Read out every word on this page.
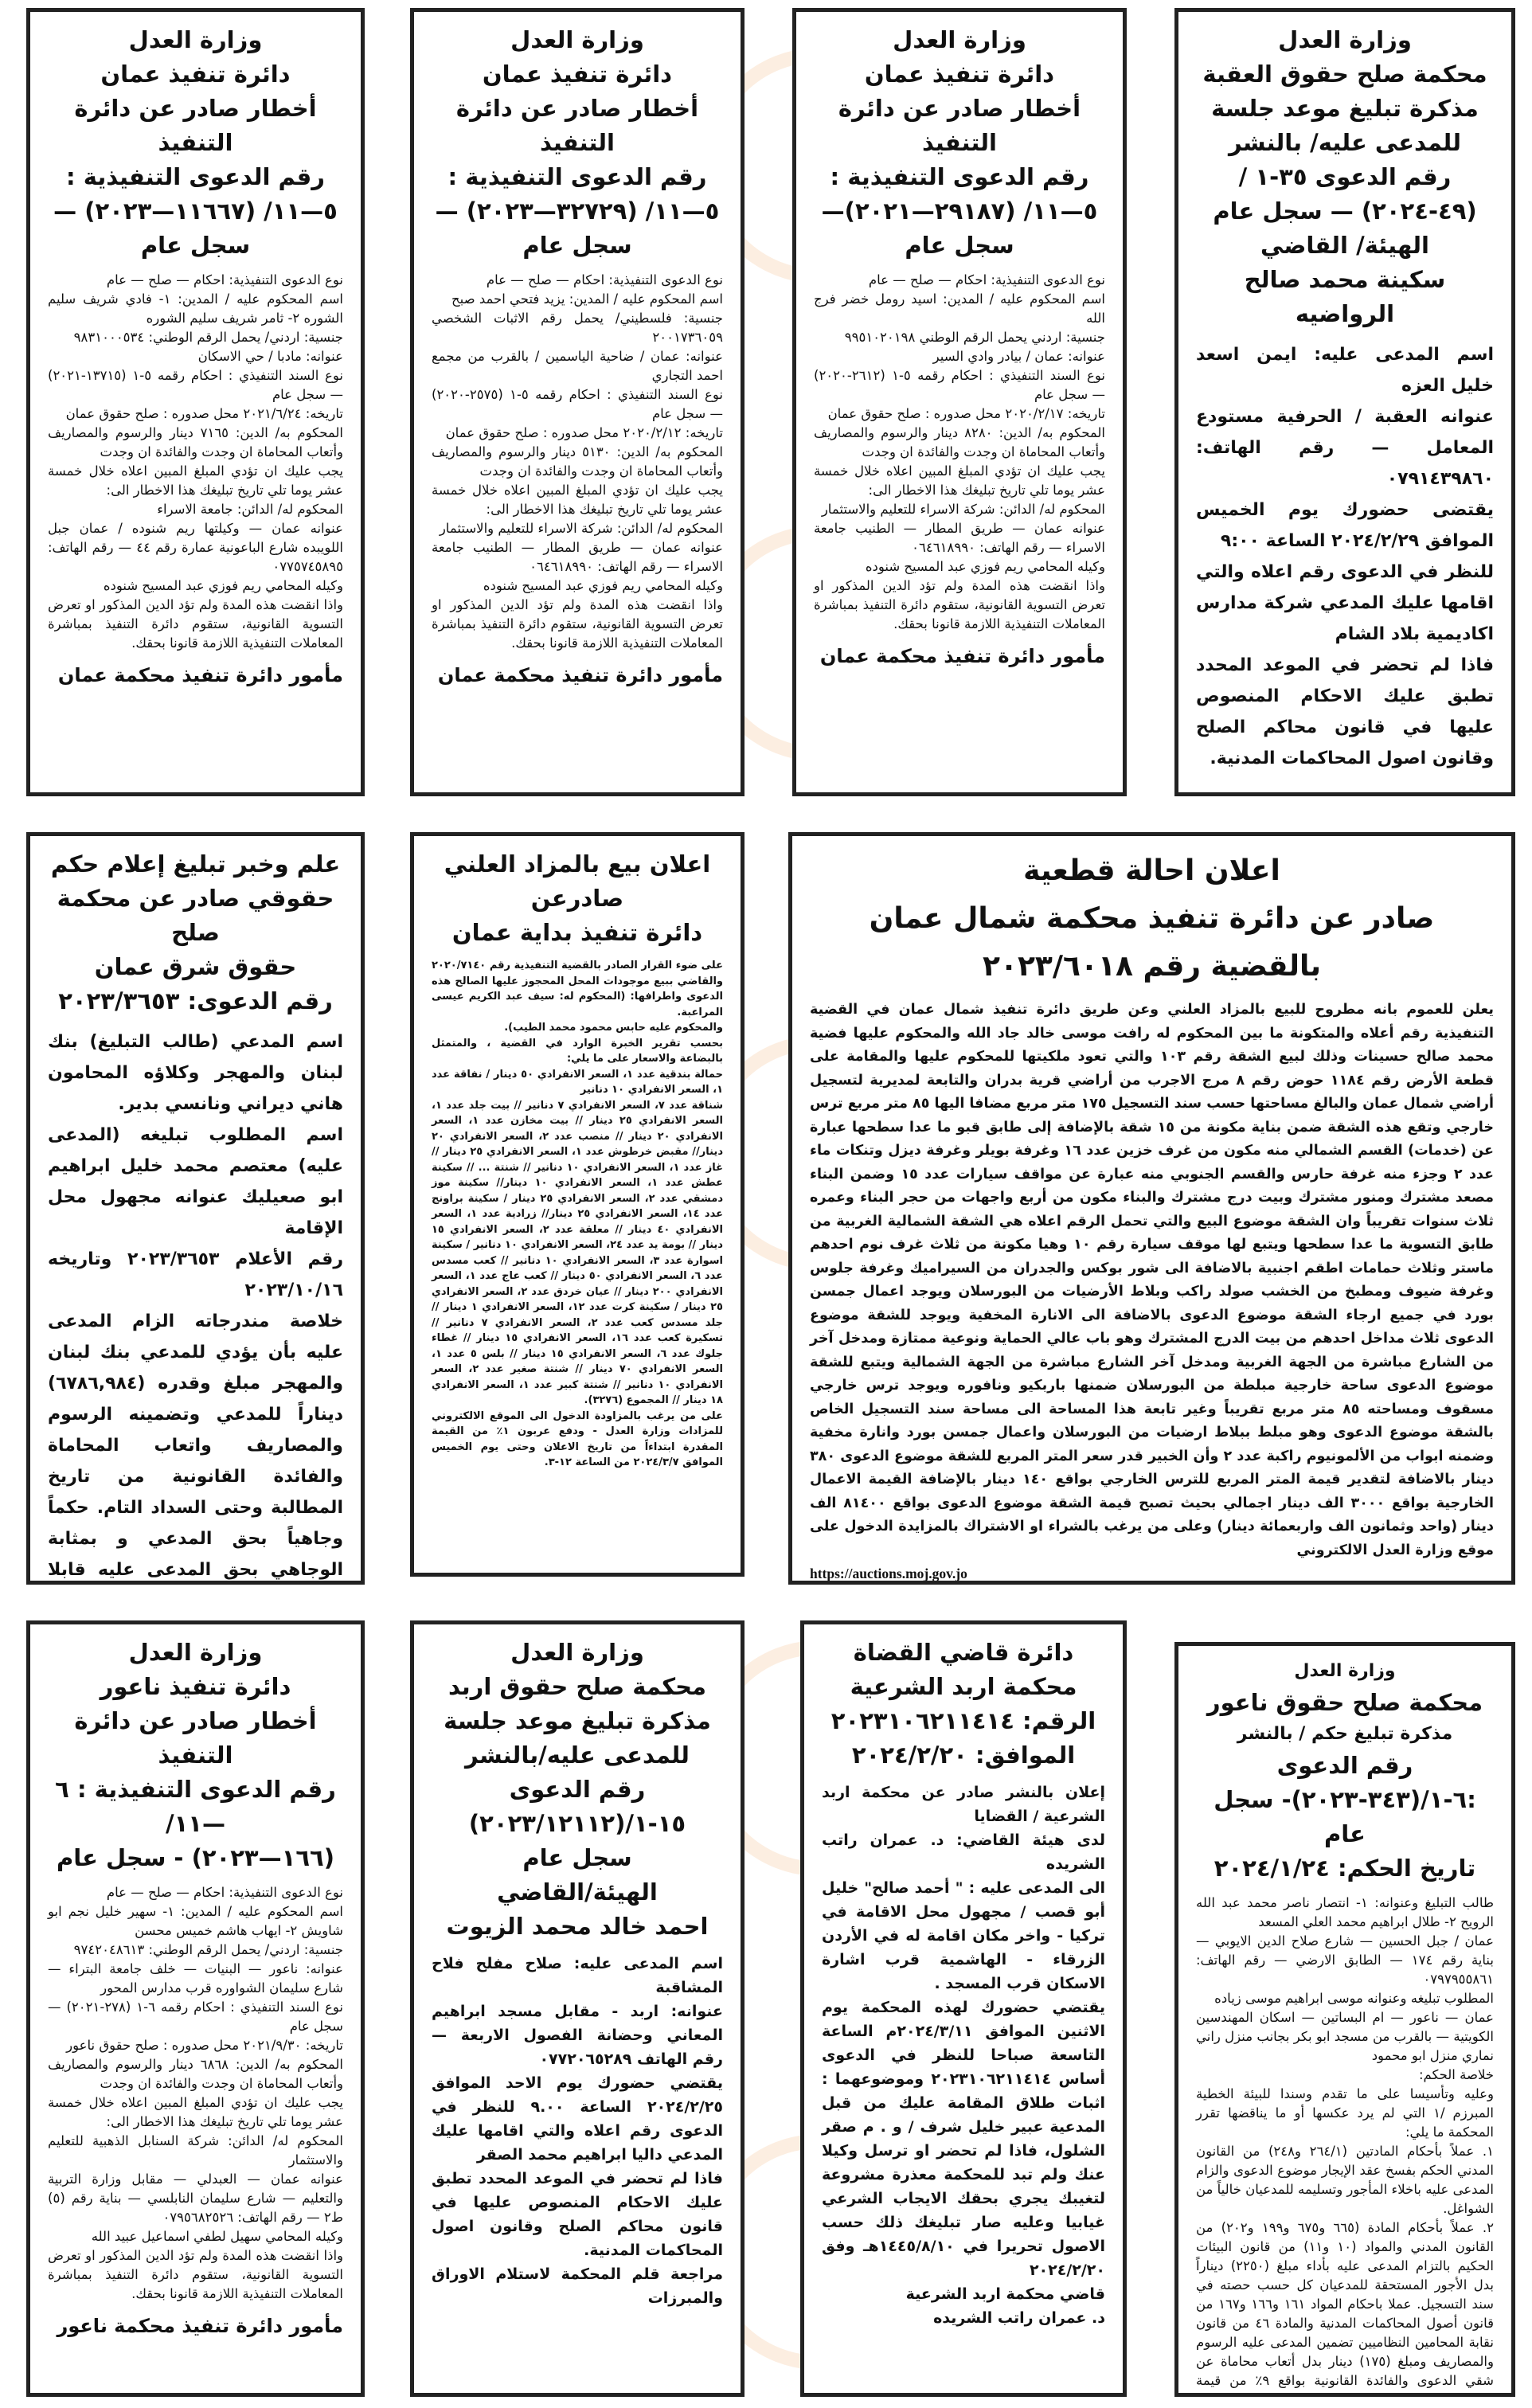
وزارة العدل
محكمة صلح حقوق العقبة
مذكرة تبليغ موعد جلسة
للمدعى عليه/ بالنشر
رقم الدعوى ٣٥-١ /
(٤٩-٢٠٢٤) — سجل عام
الهيئة/ القاضي
سكينة محمد صالح الرواضيه

اسم المدعى عليه: ايمن اسعد خليل العزه

عنوانه العقبة / الحرفية مستودع المعامل — رقم الهاتف: ٠٧٩١٤٣٩٨٦٠

يقتضى حضورك يوم الخميس الموافق ٢٠٢٤/٢/٢٩ الساعة ٩:٠٠

للنظر في الدعوى رقم اعلاه والتي اقامها عليك المدعي شركة مدارس اكاديمية بلاد الشام

فاذا لم تحضر في الموعد المحدد تطبق عليك الاحكام المنصوص عليها في قانون محاكم الصلح وقانون اصول المحاكمات المدنية.

وزارة العدل
دائرة تنفيذ عمان
أخطار صادر عن دائرة التنفيذ
رقم الدعوى التنفيذية :
٥—١١/ (٢٩١٨٧—٢٠٢١)—
سجل عام

نوع الدعوى التنفيذية: احكام — صلح — عام

اسم المحكوم عليه / المدين: اسيد رومل خضر فرج الله

جنسية: اردني يحمل الرقم الوطني ٩٩٥١٠٢٠١٩٨

عنوانه: عمان / بيادر وادي السير

نوع السند التنفيذي : احكام رقمه ٥-١ (٢٦١٢-٢٠٢٠) — سجل عام

تاريخه: ٢٠٢٠/٢/١٧ محل صدوره : صلح حقوق عمان

المحكوم به/ الدين: ٨٢٨٠ دينار والرسوم والمصاريف وأتعاب المحاماة ان وجدت والفائدة ان وجدت

يجب عليك ان تؤدي المبلغ المبين اعلاه خلال خمسة عشر يوما تلي تاريخ تبليغك هذا الاخطار الى:

المحكوم له/ الدائن: شركة الاسراء للتعليم والاستثمار

عنوانه عمان — طريق المطار — الطنيب جامعة الاسراء — رقم الهاتف: ٠٦٤٦١٨٩٩٠

وكيله المحامي ريم فوزي عبد المسيح شنوده

واذا انقضت هذه المدة ولم تؤد الدين المذكور او تعرض التسوية القانونية، ستقوم دائرة التنفيذ بمباشرة المعاملات التنفيذية اللازمة قانونا بحقك.

مأمور دائرة تنفيذ محكمة عمان
وزارة العدل
دائرة تنفيذ عمان
أخطار صادر عن دائرة التنفيذ
رقم الدعوى التنفيذية :
٥—١١/ (٣٢٧٢٩—٢٠٢٣) —
سجل عام

نوع الدعوى التنفيذية: احكام — صلح — عام

اسم المحكوم عليه / المدين: يزيد فتحي احمد صبح

جنسية: فلسطيني/ يحمل رقم الاثبات الشخصي ٢٠٠١٧٣٦٠٥٩

عنوانه: عمان / ضاحية الياسمين / بالقرب من مجمع احمد التجاري

نوع السند التنفيذي : احكام رقمه ٥-١ (٢٥٧٥-٢٠٢٠) — سجل عام

تاريخه: ٢٠٢٠/٢/١٢ محل صدوره : صلح حقوق عمان

المحكوم به/ الدين: ٥١٣٠ دينار والرسوم والمصاريف وأتعاب المحاماة ان وجدت والفائدة ان وجدت

يجب عليك ان تؤدي المبلغ المبين اعلاه خلال خمسة عشر يوما تلي تاريخ تبليغك هذا الاخطار الى:

المحكوم له/ الدائن: شركة الاسراء للتعليم والاستثمار

عنوانه عمان — طريق المطار — الطنيب جامعة الاسراء — رقم الهاتف: ٠٦٤٦١٨٩٩٠

وكيله المحامي ريم فوزي عبد المسيح شنوده

واذا انقضت هذه المدة ولم تؤد الدين المذكور او تعرض التسوية القانونية، ستقوم دائرة التنفيذ بمباشرة المعاملات التنفيذية اللازمة قانونا بحقك.

مأمور دائرة تنفيذ محكمة عمان
وزارة العدل
دائرة تنفيذ عمان
أخطار صادر عن دائرة التنفيذ
رقم الدعوى التنفيذية :
٥—١١/ (١١٦٦٧—٢٠٢٣) —
سجل عام

نوع الدعوى التنفيذية: احكام — صلح — عام

اسم المحكوم عليه / المدين: ١- فادي شريف سليم الشوره ٢- ثامر شريف سليم الشوره

جنسية: اردني/ يحمل الرقم الوطني: ٩٨٣١٠٠٠٥٣٤

عنوانه: مادبا / حي الاسكان

نوع السند التنفيذي : احكام رقمه ٥-١ (١٣٧١٥-٢٠٢١) — سجل عام

تاريخه: ٢٠٢١/٦/٢٤ محل صدوره : صلح حقوق عمان

المحكوم به/ الدين: ٧١٦٥ دينار والرسوم والمصاريف وأتعاب المحاماة ان وجدت والفائدة ان وجدت

يجب عليك ان تؤدي المبلغ المبين اعلاه خلال خمسة عشر يوما تلي تاريخ تبليغك هذا الاخطار الى:

المحكوم له/ الدائن: جامعة الاسراء

عنوانه عمان — وكيلتها ريم شنوده / عمان جبل اللويبده شارع الباعونية عمارة رقم ٤٤ — رقم الهاتف: ٠٧٧٥٧٤٥٨٩٥

وكيله المحامي ريم فوزي عبد المسيح شنوده

واذا انقضت هذه المدة ولم تؤد الدين المذكور او تعرض التسوية القانونية، ستقوم دائرة التنفيذ بمباشرة المعاملات التنفيذية اللازمة قانونا بحقك.

مأمور دائرة تنفيذ محكمة عمان
اعلان احالة قطعية
صادر عن دائرة تنفيذ محكمة شمال عمان بالقضية رقم ٢٠٢٣/٦٠١٨

يعلن للعموم بانه مطروح للبيع بالمزاد العلني وعن طريق دائرة تنفيذ شمال عمان في القضية التنفيذية رقم أعلاه والمتكونة ما بين المحكوم له رافت موسى خالد جاد الله والمحكوم عليها فضية محمد صالح حسينات وذلك لبيع الشقة رقم ١٠٣ والتي تعود ملكيتها للمحكوم عليها والمقامة على قطعة الأرض رقم ١١٨٤ حوض رقم ٨ مرج الاجرب من أراضي قرية بدران والتابعة لمديرية لتسجيل أراضي شمال عمان والبالغ مساحتها حسب سند التسجيل ١٧٥ متر مربع مضافا اليها ٨٥ متر مربع ترس خارجي وتقع هذه الشقة ضمن بناية مكونة من ١٥ شقة بالإضافة إلى طابق قبو ما عدا سطحها عبارة عن (خدمات) القسم الشمالي منه مكون من غرف خزين عدد ١٦ وغرفة بويلر وغرفة ديزل وتنكات ماء عدد ٢ وجزء منه غرفة حارس والقسم الجنوبي منه عبارة عن مواقف سيارات عدد ١٥ وضمن البناء مصعد مشترك ومنور مشترك وبيت درج مشترك والبناء مكون من أربع واجهات من حجر البناء وعمره ثلاث سنوات تقريباً وان الشقة موضوع البيع والتي تحمل الرقم اعلاه هي الشقة الشمالية الغربية من طابق التسوية ما عدا سطحها ويتبع لها موقف سيارة رقم ١٠ وهيا مكونة من ثلاث غرف نوم احدهم ماستر وثلاث حمامات اطقم اجنبية بالاضافة الى شور بوكس والجدران من السيراميك وغرفة جلوس وغرفة ضيوف ومطبخ من الخشب صولد راكب وبلاط الأرضيات من البورسلان ويوجد اعمال جمسن بورد في جميع ارجاء الشقة موضوع الدعوى بالاضافة الى الانارة المخفية ويوجد للشقة موضوع الدعوى ثلاث مداخل احدهم من بيت الدرج المشترك وهو باب عالي الحماية ونوعية ممتازة ومدخل آخر من الشارع مباشرة من الجهة الغربية ومدخل آخر الشارع مباشرة من الجهة الشمالية ويتبع للشقة موضوع الدعوى ساحة خارجية مبلطة من البورسلان ضمنها باربكيو ونافوره ويوجد ترس خارجي مسقوف ومساحته ٨٥ متر مربع تقريباً وغير تابعة هذا المساحة الى مساحة سند التسجيل الخاص بالشقة موضوع الدعوى وهو مبلط ببلاط ارضيات من البورسلان واعمال جمسن بورد وانارة مخفية وضمنه ابواب من الألمونيوم راكبة عدد ٢ وأن الخبير قدر سعر المتر المربع للشقة موضوع الدعوى ٣٨٠ دينار بالاضافة لتقدير قيمة المتر المربع للترس الخارجي بواقع ١٤٠ دينار بالإضافة القيمة الاعمال الخارجية بواقع ٣٠٠٠ الف دينار اجمالي بحيث تصبح قيمة الشقة موضوع الدعوى بواقع ٨١٤٠٠ الف دينار (واحد وثمانون الف واربعمائة دينار) وعلى من يرغب بالشراء او الاشتراك بالمزايدة الدخول على موقع وزارة العدل الالكتروني

https://auctions.moj.gov.jo

اعلان بيع بالمزاد العلني صادرعن
دائرة تنفيذ بداية عمان

على ضوء القرار الصادر بالقضية التنفيذية رقم ٢٠٢٠/٧١٤٠ والقاضي ببيع موجودات المحل المحجوز عليها الصالح هذه الدعوى واطرافها: (المحكوم له: سيف عبد الكريم عيسى المراعبة.

والمحكوم عليه حابس محمود محمد الطيب).

بحسب تقرير الخبرة الوارد في القضية ، والمتمثل بالبضاعة والاسعار على ما يلي:

حمالة بندقية عدد ١، السعر الانفرادي ٥٠ دينار / نفاقة عدد ١، السعر الانفرادي ١٠ دنانير

شناقة عدد ٧، السعر الانفرادي ٧ دنانير // بيت جلد عدد ١، السعر الانفرادي ٢٥ دينار // بيت مخازن عدد ١، السعر الانفرادي ٢٠ دينار // منصب عدد ٢، السعر الانفرادي ٢٠ دينار// مقبض خرطوش عدد ١، السعر الانفرادي ٢٥ دينار // غاز عدد ١، السعر الانفرادي ١٠ دنانير // شنتة ... // سكينة عطش عدد ١، السعر الانفرادي ١٠ دينار// سكينة موز دمشقي عدد ٢، السعر الانفرادي ٢٥ دينار / سكينة براونج عدد ١٤، السعر الانفرادي ٢٥ دينار// زرادية عدد ١، السعر الانفرادي ٤٠ دينار // معلقة عدد ٢، السعر الانفرادي ١٥ دينار // بومة يد عدد ٢٤، السعر الانفرادي ١٠ دنانير / سكينة اسوارة عدد ٣، السعر الانفرادي ١٠ دنانير // كعب مسدس عدد ٦، السعر الانفرادي ٥٠ دينار // كعب عاج عدد ١، السعر الانفرادي ٢٠٠ دينار // عيان خردق عدد ٢، السعر الانفرادي ٢٥ دينار / سكينة كرت عدد ١٢، السعر الانفرادي ١ دينار // جلد مسدس كعب عدد ٢، السعر الانفرادي ٧ دنانير // تسكيرة كعب عدد ١٦، السعر الانفرادي ١٥ دينار // غطاء جلوك عدد ٦، السعر الانفرادي ١٥ دينار // بلس ٥ عدد ١، السعر الانفرادي ٧٠ دينار // شنتة صغير عدد ٢، السعر الانفرادي ١٠ دنانير // شنتة كبير عدد ١، السعر الانفرادي ١٨ دينار // المجموع (٣٢٧٦).

على من يرغب بالمزاودة الدخول الى الموقع الالكتروني للمزادات وزارة العدل - ودفع عربون ١٪ من القيمة المقدرة ابتداءاً من تاريخ الاعلان وحتى يوم الخميس الموافق ٢٠٢٤/٣/٧ من الساعة ١٢-٣.

علم وخبر تبليغ إعلام حكم
حقوقي صادر عن محكمة صلح
حقوق شرق عمان
رقم الدعوى: ٢٠٢٣/٣٦٥٣

اسم المدعي (طالب التبليغ) بنك لبنان والمهجر وكلاؤه المحامون هاني ديراني ونانسي بدير.

اسم المطلوب تبليغه (المدعى عليه) معتصم محمد خليل ابراهيم ابو صعيليك عنوانه مجهول محل الإقامة

رقم الأعلام ٢٠٢٣/٣٦٥٣ وتاريخه ٢٠٢٣/١٠/١٦

خلاصة مندرجاته الزام المدعى عليه بأن يؤدي للمدعي بنك لبنان والمهجر مبلغ وقدره (٦٧٨٦,٩٨٤) ديناراً للمدعي وتضمينه الرسوم والمصاريف واتعاب المحاماة والفائدة القانونية من تاريخ المطالبة وحتى السداد التام. حكماً وجاهياً بحق المدعي و بمثابة الوجاهي بحق المدعى عليه قابلا

دائرة قاضي القضاة
محكمة اربد الشرعية
الرقم: ٢٠٢٣١٠٦٢١١٤١٤
الموافق: ٢٠٢٤/٢/٢٠

إعلان بالنشر صادر عن محكمة اربد الشرعية / القضايا

لدى هيئة القاضي: د. عمران راتب الشريده

الى المدعى عليه : " أحمد صالح" خليل أبو قصب / مجهول محل الاقامة في تركيا - واخر مكان اقامة له في الأردن الزرقاء - الهاشمية قرب اشارة الاسكان قرب المسجد .

يقتضي حضورك لهذه المحكمة يوم الاثنين الموافق ٢٠٢٤/٣/١١م الساعة التاسعة صباحا للنظر في الدعوى أساس ٢٠٢٣١٠٦٢١١٤١٤ وموضوعهما : اثبات طلاق المقامة عليك من قبل المدعية عبير خليل شرف / و . م صقر الشلول، فاذا لم تحضر او ترسل وكيلا عنك ولم تبد للمحكمة معذرة مشروعة لتغيبك يجري بحقك الايجاب الشرعي غيابيا وعليه صار تبليغك ذلك حسب الاصول تحريرا في ١٤٤٥/٨/١٠هـ وفق ٢٠٢٤/٢/٢٠

قاضي محكمة اربد الشرعية

د. عمران راتب الشريده

وزارة العدل
محكمة صلح حقوق اربد
مذكرة تبليغ موعد جلسة
للمدعى عليه/بالنشر
رقم الدعوى ١٥-١/(٢٠٢٣/١٢١١٢)
سجل عام
الهيئة/القاضي
احمد خالد محمد الزيوت

اسم المدعى عليه: صلاح مفلح فلاح المشاقبة

عنوانه: اربد - مقابل مسجد ابراهيم المعاني وحضانة الفصول الاربعة — رقم الهاتف ٠٧٧٢٠٦٥٢٨٩

يقتضي حضورك يوم الاحد الموافق ٢٠٢٤/٢/٢٥ الساعة ٩.٠٠ للنظر في الدعوى رقم اعلاه والتي اقامها عليك المدعي داليا ابراهيم محمد الصقر

فاذا لم تحضر في الموعد المحدد تطبق عليك الاحكام المنصوص عليها في قانون محاكم الصلح وقانون اصول المحاكمات المدنية.

مراجعة قلم المحكمة لاستلام الاوراق والمبرزات

وزارة العدل
دائرة تنفيذ ناعور
أخطار صادر عن دائرة التنفيذ
رقم الدعوى التنفيذية : ٦—١١/
(١٦٦—٢٠٢٣) - سجل عام

نوع الدعوى التنفيذية: احكام — صلح — عام

اسم المحكوم عليه / المدين: ١- سهير خليل نجم ابو شاويش ٢- ايهاب هاشم خميس محسن

جنسية: اردني/ يحمل الرقم الوطني: ٩٧٤٢٠٤٨٦١٣

عنوانه: ناعور — البنيات — خلف جامعة البتراء — شارع سليمان الشواوره قرب مدارس المحور

نوع السند التنفيذي : احكام رقمه ٦-١ (٢٧٨-٢٠٢١) — سجل عام

تاريخه: ٢٠٢١/٩/٣٠ محل صدوره : صلح حقوق ناعور

المحكوم به/ الدين: ٦٨٦٨ دينار والرسوم والمصاريف وأتعاب المحاماة ان وجدت والفائدة ان وجدت

يجب عليك ان تؤدي المبلغ المبين اعلاه خلال خمسة عشر يوما تلي تاريخ تبليغك هذا الاخطار الى:

المحكوم له/ الدائن: شركة السنابل الذهبية للتعليم والاستثمار

عنوانه عمان — العبدلي — مقابل وزارة التربية والتعليم — شارع سليمان النابلسي — بناية رقم (٥) ط٢ — رقم الهاتف: ٠٧٩٥٦٨٢٥٢٦

وكيله المحامي سهيل لطفي اسماعيل عبيد الله

واذا انقضت هذه المدة ولم تؤد الدين المذكور او تعرض التسوية القانونية، ستقوم دائرة التنفيذ بمباشرة المعاملات التنفيذية اللازمة قانونا بحقك.

مأمور دائرة تنفيذ محكمة ناعور
وزارة العدل
محكمة صلح حقوق ناعور
مذكرة تبليغ حكم / بالنشر
رقم الدعوى :٦-١/(٣٤٣-٢٠٢٣)- سجل عام
تاريخ الحكم: ٢٠٢٤/١/٢٤

طالب التبليغ وعنوانه: ١- انتصار ناصر محمد عبد الله الرويح ٢- طلال ابراهيم محمد العلي المسعد

عمان / جبل الحسين — شارع صلاح الدين الايوبي — بناية رقم ١٧٤ — الطابق الارضي — رقم الهاتف: ٠٧٩٧٩٥٥٨٦١

المطلوب تبليغه وعنوانه موسى ابراهيم موسى زياده

عمان — ناعور — ام البساتين — اسكان المهندسين الكويتية — بالقرب من مسجد ابو بكر بجانب منزل راني نماري منزل ابو محمود

خلاصة الحكم:

وعليه وتأسيسا على ما تقدم وسندا للبيئة الخطية المبرزم /١ التي لم يرد عكسها أو ما يناقضها تقرر المحكمة ما يلي:

١. عملاً بأحكام المادتين (٢٦٤/١ و٢٤٨) من القانون المدني الحكم بفسخ عقد الإيجار موضوع الدعوى والزام المدعى عليه باخلاء المأجور وتسليمه للمدعيان خالياً من الشواغل.

٢. عملاً بأحكام المادة (٦٦٥ و٦٧٥ و١٩٩ و٢٠٢) من القانون المدني والمواد (١٠ و١١) من قانون البيئات الحكيم بالتزام المدعى عليه بأداء مبلغ (٢٢٥٠) ديناراً بدل الأجور المستحقة للمدعيان كل حسب حصته في سند التسجيل. عملا باحكام المواد ١٦١ و١٦٦ و١٦٧ من قانون أصول المحاكمات المدنية والمادة ٤٦ من قانون نقابة المحامين النظاميين تضمين المدعى عليه الرسوم والمصاريف ومبلغ (١٧٥) دينار بدل أتعاب محاماة عن شقي الدعوى والفائدة القانونية بواقع ٩٪ من قيمة
